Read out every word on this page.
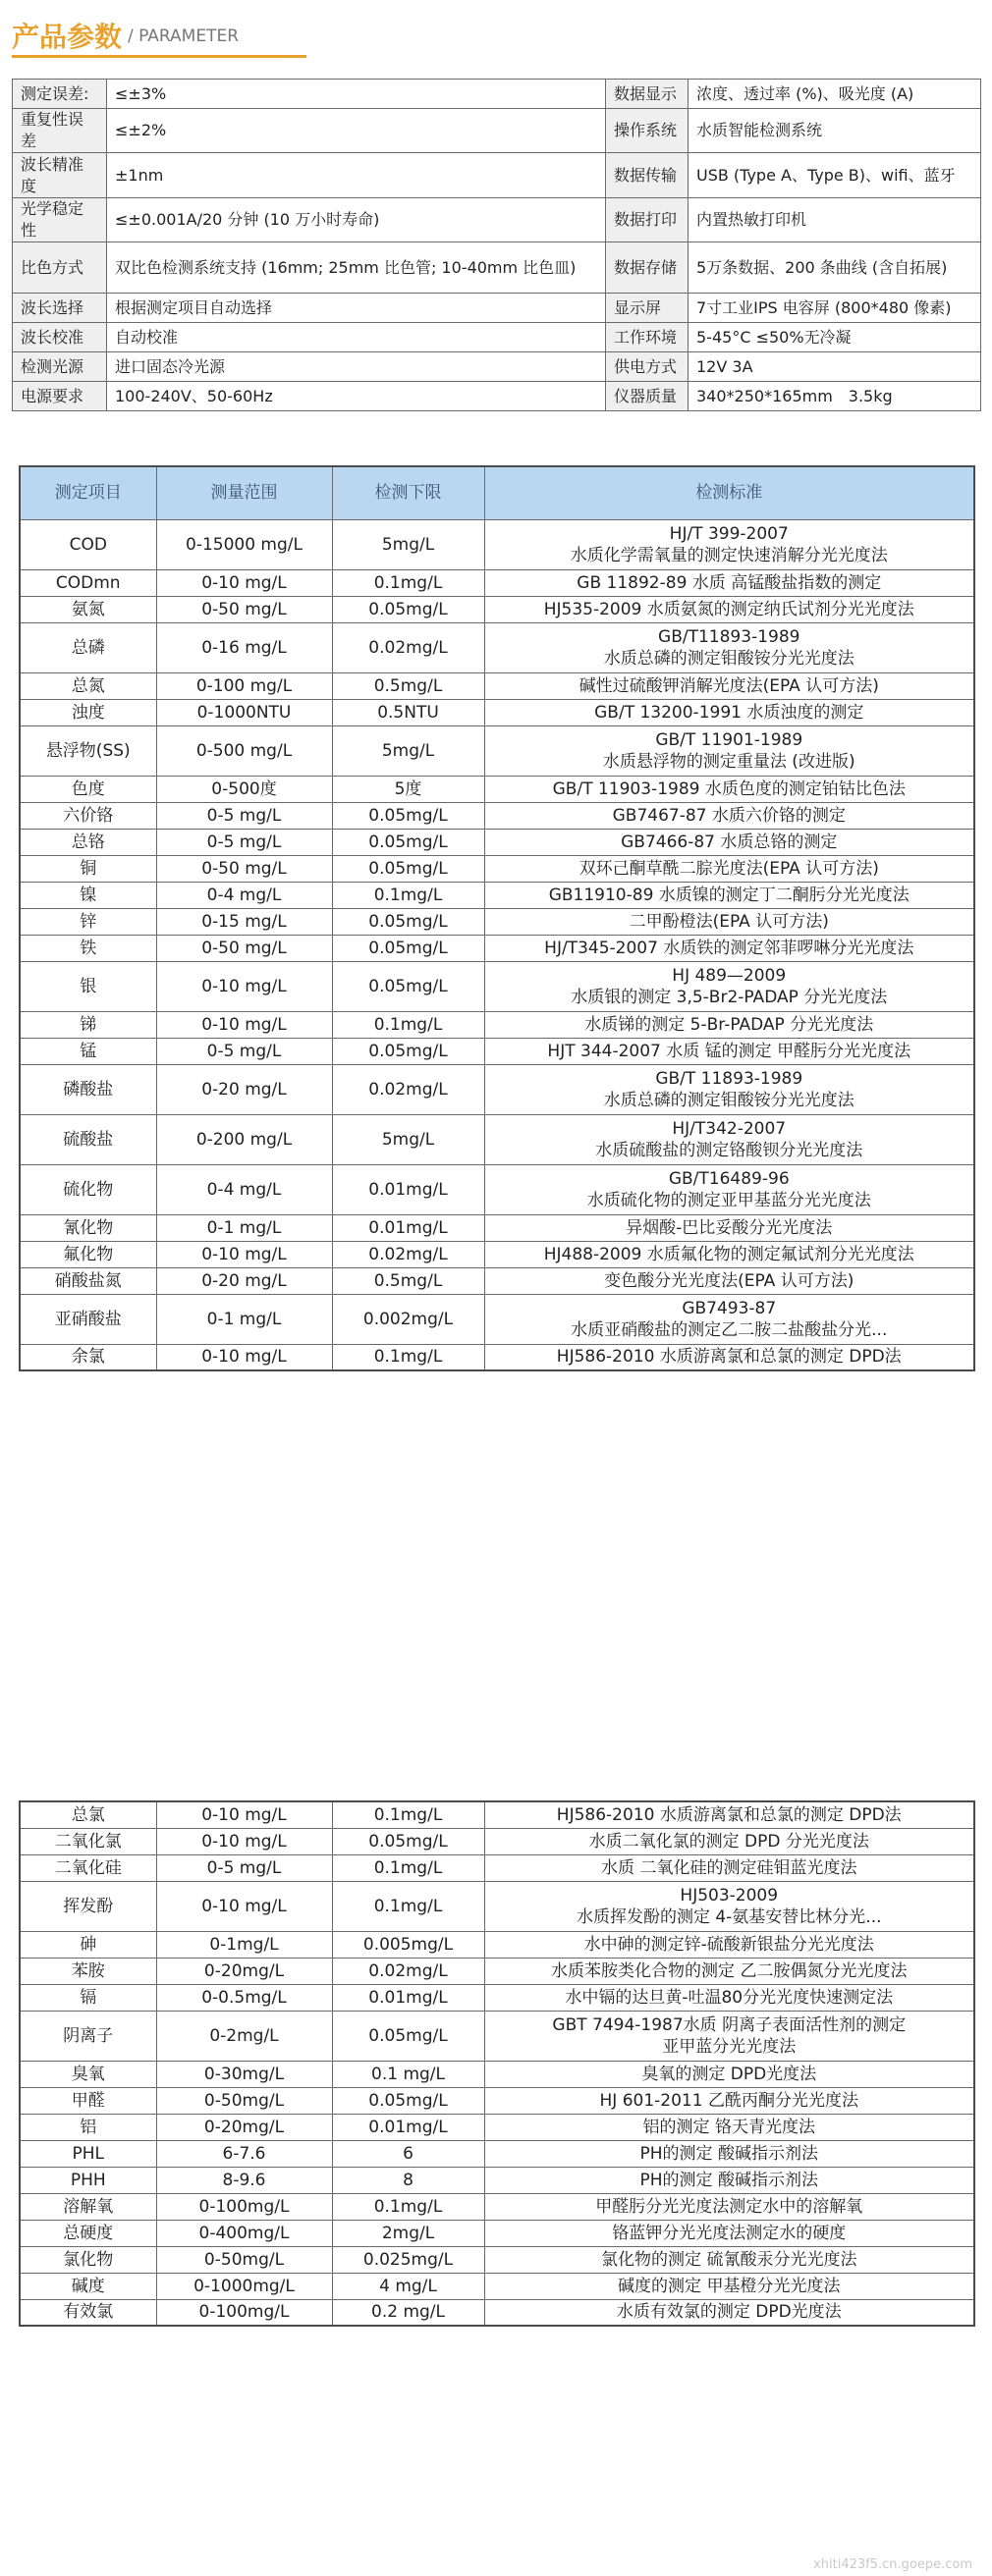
产品参数 / PARAMETER
测定误差:	≤±3%	数据显示	浓度、透过率 (%)、吸光度 (A)
重复性误差	≤±2%	操作系统	水质智能检测系统
波长精准度	±1nm	数据传输	USB (Type A、Type B)、wifi、蓝牙
光学稳定性	≤±0.001A/20 分钟 (10 万小时寿命)	数据打印	内置热敏打印机
比色方式	双比色检测系统支持 (16mm; 25mm 比色管; 10-40mm 比色皿)	数据存储	5万条数据、200 条曲线 (含自拓展)
波长选择	根据测定项目自动选择	显示屏	7寸工业IPS 电容屏 (800*480 像素)
波长校准	自动校准	工作环境	5-45°C ≤50%无冷凝
检测光源	进口固态冷光源	供电方式	12V 3A
电源要求	100-240V、50-60Hz	仪器质量	340*250*165mm　3.5kg
测定项目	测量范围	检测下限	检测标准
COD	0-15000 mg/L	5mg/L	HJ/T 399-2007
水质化学需氧量的测定快速消解分光光度法

CODmn	0-10 mg/L	0.1mg/L	GB 11892-89 水质 高锰酸盐指数的测定
氨氮	0-50 mg/L	0.05mg/L	HJ535-2009 水质氨氮的测定纳氏试剂分光光度法
总磷	0-16 mg/L	0.02mg/L	GB/T11893-1989
水质总磷的测定钼酸铵分光光度法

总氮	0-100 mg/L	0.5mg/L	碱性过硫酸钾消解光度法(EPA 认可方法)
浊度	0-1000NTU	0.5NTU	GB/T 13200-1991 水质浊度的测定
悬浮物(SS)	0-500 mg/L	5mg/L	GB/T 11901-1989
水质悬浮物的测定重量法 (改进版)

色度	0-500度	5度	GB/T 11903-1989 水质色度的测定铂钴比色法
六价铬	0-5 mg/L	0.05mg/L	GB7467-87 水质六价铬的测定
总铬	0-5 mg/L	0.05mg/L	GB7466-87 水质总铬的测定
铜	0-50 mg/L	0.05mg/L	双环己酮草酰二腙光度法(EPA 认可方法)
镍	0-4 mg/L	0.1mg/L	GB11910-89 水质镍的测定丁二酮肟分光光度法
锌	0-15 mg/L	0.05mg/L	二甲酚橙法(EPA 认可方法)
铁	0-50 mg/L	0.05mg/L	HJ/T345-2007 水质铁的测定邻菲啰啉分光光度法
银	0-10 mg/L	0.05mg/L	HJ 489—2009
水质银的测定 3,5-Br2-PADAP 分光光度法

锑	0-10 mg/L	0.1mg/L	水质锑的测定 5-Br-PADAP 分光光度法
锰	0-5 mg/L	0.05mg/L	HJT 344-2007 水质 锰的测定 甲醛肟分光光度法
磷酸盐	0-20 mg/L	0.02mg/L	GB/T 11893-1989
水质总磷的测定钼酸铵分光光度法

硫酸盐	0-200 mg/L	5mg/L	HJ/T342-2007
水质硫酸盐的测定铬酸钡分光光度法

硫化物	0-4 mg/L	0.01mg/L	GB/T16489-96
水质硫化物的测定亚甲基蓝分光光度法

氰化物	0-1 mg/L	0.01mg/L	异烟酸-巴比妥酸分光光度法
氟化物	0-10 mg/L	0.02mg/L	HJ488-2009 水质氟化物的测定氟试剂分光光度法
硝酸盐氮	0-20 mg/L	0.5mg/L	变色酸分光光度法(EPA 认可方法)
亚硝酸盐	0-1 mg/L	0.002mg/L	GB7493-87
水质亚硝酸盐的测定乙二胺二盐酸盐分光...

余氯	0-10 mg/L	0.1mg/L	HJ586-2010 水质游离氯和总氯的测定 DPD法
总氯	0-10 mg/L	0.1mg/L	HJ586-2010 水质游离氯和总氯的测定 DPD法
二氧化氯	0-10 mg/L	0.05mg/L	水质二氧化氯的测定 DPD 分光光度法
二氧化硅	0-5 mg/L	0.1mg/L	水质 二氧化硅的测定硅钼蓝光度法
挥发酚	0-10 mg/L	0.1mg/L	HJ503-2009
水质挥发酚的测定 4-氨基安替比林分光...

砷	0-1mg/L	0.005mg/L	水中砷的测定锌-硫酸新银盐分光光度法
苯胺	0-20mg/L	0.02mg/L	水质苯胺类化合物的测定 乙二胺偶氮分光光度法
镉	0-0.5mg/L	0.01mg/L	水中镉的达旦黄-吐温80分光光度快速测定法
阴离子	0-2mg/L	0.05mg/L	GBT 7494-1987水质 阴离子表面活性剂的测定
亚甲蓝分光光度法

臭氧	0-30mg/L	0.1 mg/L	臭氧的测定 DPD光度法
甲醛	0-50mg/L	0.05mg/L	HJ 601-2011 乙酰丙酮分光光度法
铝	0-20mg/L	0.01mg/L	铝的测定 铬天青光度法
PHL	6-7.6	6	PH的测定 酸碱指示剂法
PHH	8-9.6	8	PH的测定 酸碱指示剂法
溶解氧	0-100mg/L	0.1mg/L	甲醛肟分光光度法测定水中的溶解氧
总硬度	0-400mg/L	2mg/L	铬蓝钾分光光度法测定水的硬度
氯化物	0-50mg/L	0.025mg/L	氯化物的测定 硫氰酸汞分光光度法
碱度	0-1000mg/L	4 mg/L	碱度的测定 甲基橙分光光度法
有效氯	0-100mg/L	0.2 mg/L	水质有效氯的测定 DPD光度法
xhiti423f5.cn.goepe.com
